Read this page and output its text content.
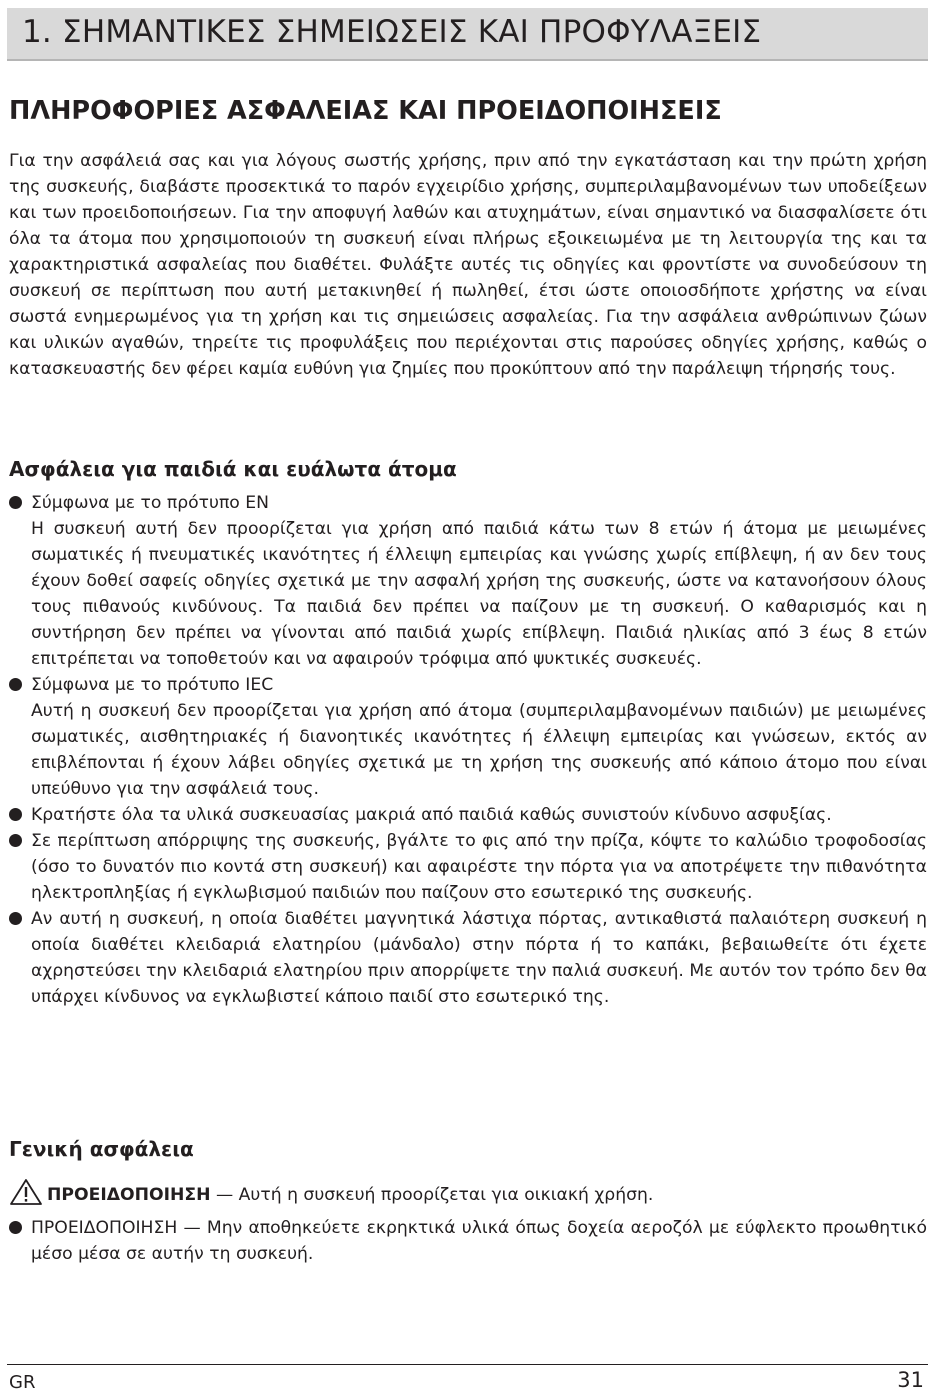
1. ΣΗΜΑΝΤΙΚΕΣ ΣΗΜΕΙΩΣΕΙΣ ΚΑΙ ΠΡΟΦΥΛΑΞΕΙΣ
ΠΛΗΡΟΦΟΡΙΕΣ ΑΣΦΑΛΕΙΑΣ ΚΑΙ ΠΡΟΕΙΔΟΠΟΙΗΣΕΙΣ

Για την ασφάλειά σας και για λόγους σωστής χρήσης, πριν από την εγκατάσταση και την πρώτη χρήση της συσκευής, διαβάστε προσεκτικά το παρόν εγχειρίδιο χρήσης, συμπεριλαμβανομένων των υποδείξεων και των προειδοποιήσεων. Για την αποφυγή λαθών και ατυχημάτων, είναι σημαντικό να διασφαλίσετε ότι όλα τα άτομα που χρησιμοποιούν τη συσκευή είναι πλήρως εξοικειωμένα με τη λειτουργία της και τα χαρακτηριστικά ασφαλείας που διαθέτει. Φυλάξτε αυτές τις οδηγίες και φροντίστε να συνοδεύσουν τη συσκευή σε περίπτωση που αυτή μετακινηθεί ή πωληθεί, έτσι ώστε οποιοσδήποτε χρήστης να είναι σωστά ενημερωμένος για τη χρήση και τις σημειώσεις ασφαλείας. Για την ασφάλεια ανθρώπινων ζώων και υλικών αγαθών, τηρείτε τις προφυλάξεις που περιέχονται στις παρούσες οδηγίες χρήσης, καθώς ο κατασκευαστής δεν φέρει καμία ευθύνη για ζημίες που προκύπτουν από την παράλειψη τήρησής τους.

Ασφάλεια για παιδιά και ευάλωτα άτομα
Σύμφωνα με το πρότυπο EN
Η συσκευή αυτή δεν προορίζεται για χρήση από παιδιά κάτω των 8 ετών ή άτομα με μειωμένες σωματικές ή πνευματικές ικανότητες ή έλλειψη εμπειρίας και γνώσης χωρίς επίβλεψη, ή αν δεν τους έχουν δοθεί σαφείς οδηγίες σχετικά με την ασφαλή χρήση της συσκευής, ώστε να κατανοήσουν όλους τους πιθανούς κινδύνους. Τα παιδιά δεν πρέπει να παίζουν με τη συσκευή. Ο καθαρισμός και η συντήρηση δεν πρέπει να γίνονται από παιδιά χωρίς επίβλεψη. Παιδιά ηλικίας από 3 έως 8 ετών επιτρέπεται να τοποθετούν και να αφαιρούν τρόφιμα από ψυκτικές συσκευές.
Σύμφωνα με το πρότυπο IEC
Αυτή η συσκευή δεν προορίζεται για χρήση από άτομα (συμπεριλαμβανομένων παιδιών) με μειωμένες σωματικές, αισθητηριακές ή διανοητικές ικανότητες ή έλλειψη εμπειρίας και γνώσεων, εκτός αν επιβλέπονται ή έχουν λάβει οδηγίες σχετικά με τη χρήση της συσκευής από κάποιο άτομο που είναι υπεύθυνο για την ασφάλειά τους.
Κρατήστε όλα τα υλικά συσκευασίας μακριά από παιδιά καθώς συνιστούν κίνδυνο ασφυξίας.
Σε περίπτωση απόρριψης της συσκευής, βγάλτε το φις από την πρίζα, κόψτε το καλώδιο τροφοδοσίας (όσο το δυνατόν πιο κοντά στη συσκευή) και αφαιρέστε την πόρτα για να αποτρέψετε την πιθανότητα ηλεκτροπληξίας ή εγκλωβισμού παιδιών που παίζουν στο εσωτερικό της συσκευής.
Αν αυτή η συσκευή, η οποία διαθέτει μαγνητικά λάστιχα πόρτας, αντικαθιστά παλαιότερη συσκευή η οποία διαθέτει κλειδαριά ελατηρίου (μάνδαλο) στην πόρτα ή το καπάκι, βεβαιωθείτε ότι έχετε αχρηστεύσει την κλειδαριά ελατηρίου πριν απορρίψετε την παλιά συσκευή. Με αυτόν τον τρόπο δεν θα υπάρχει κίνδυνος να εγκλωβιστεί κάποιο παιδί στο εσωτερικό της.
Γενική ασφάλεια
ΠΡΟΕΙΔΟΠΟΙΗΣΗ — Αυτή η συσκευή προορίζεται για οικιακή χρήση.
ΠΡΟΕΙΔΟΠΟΙΗΣΗ — Μην αποθηκεύετε εκρηκτικά υλικά όπως δοχεία αεροζόλ με εύφλεκτο προωθητικό μέσο μέσα σε αυτήν τη συσκευή.
GR	31
